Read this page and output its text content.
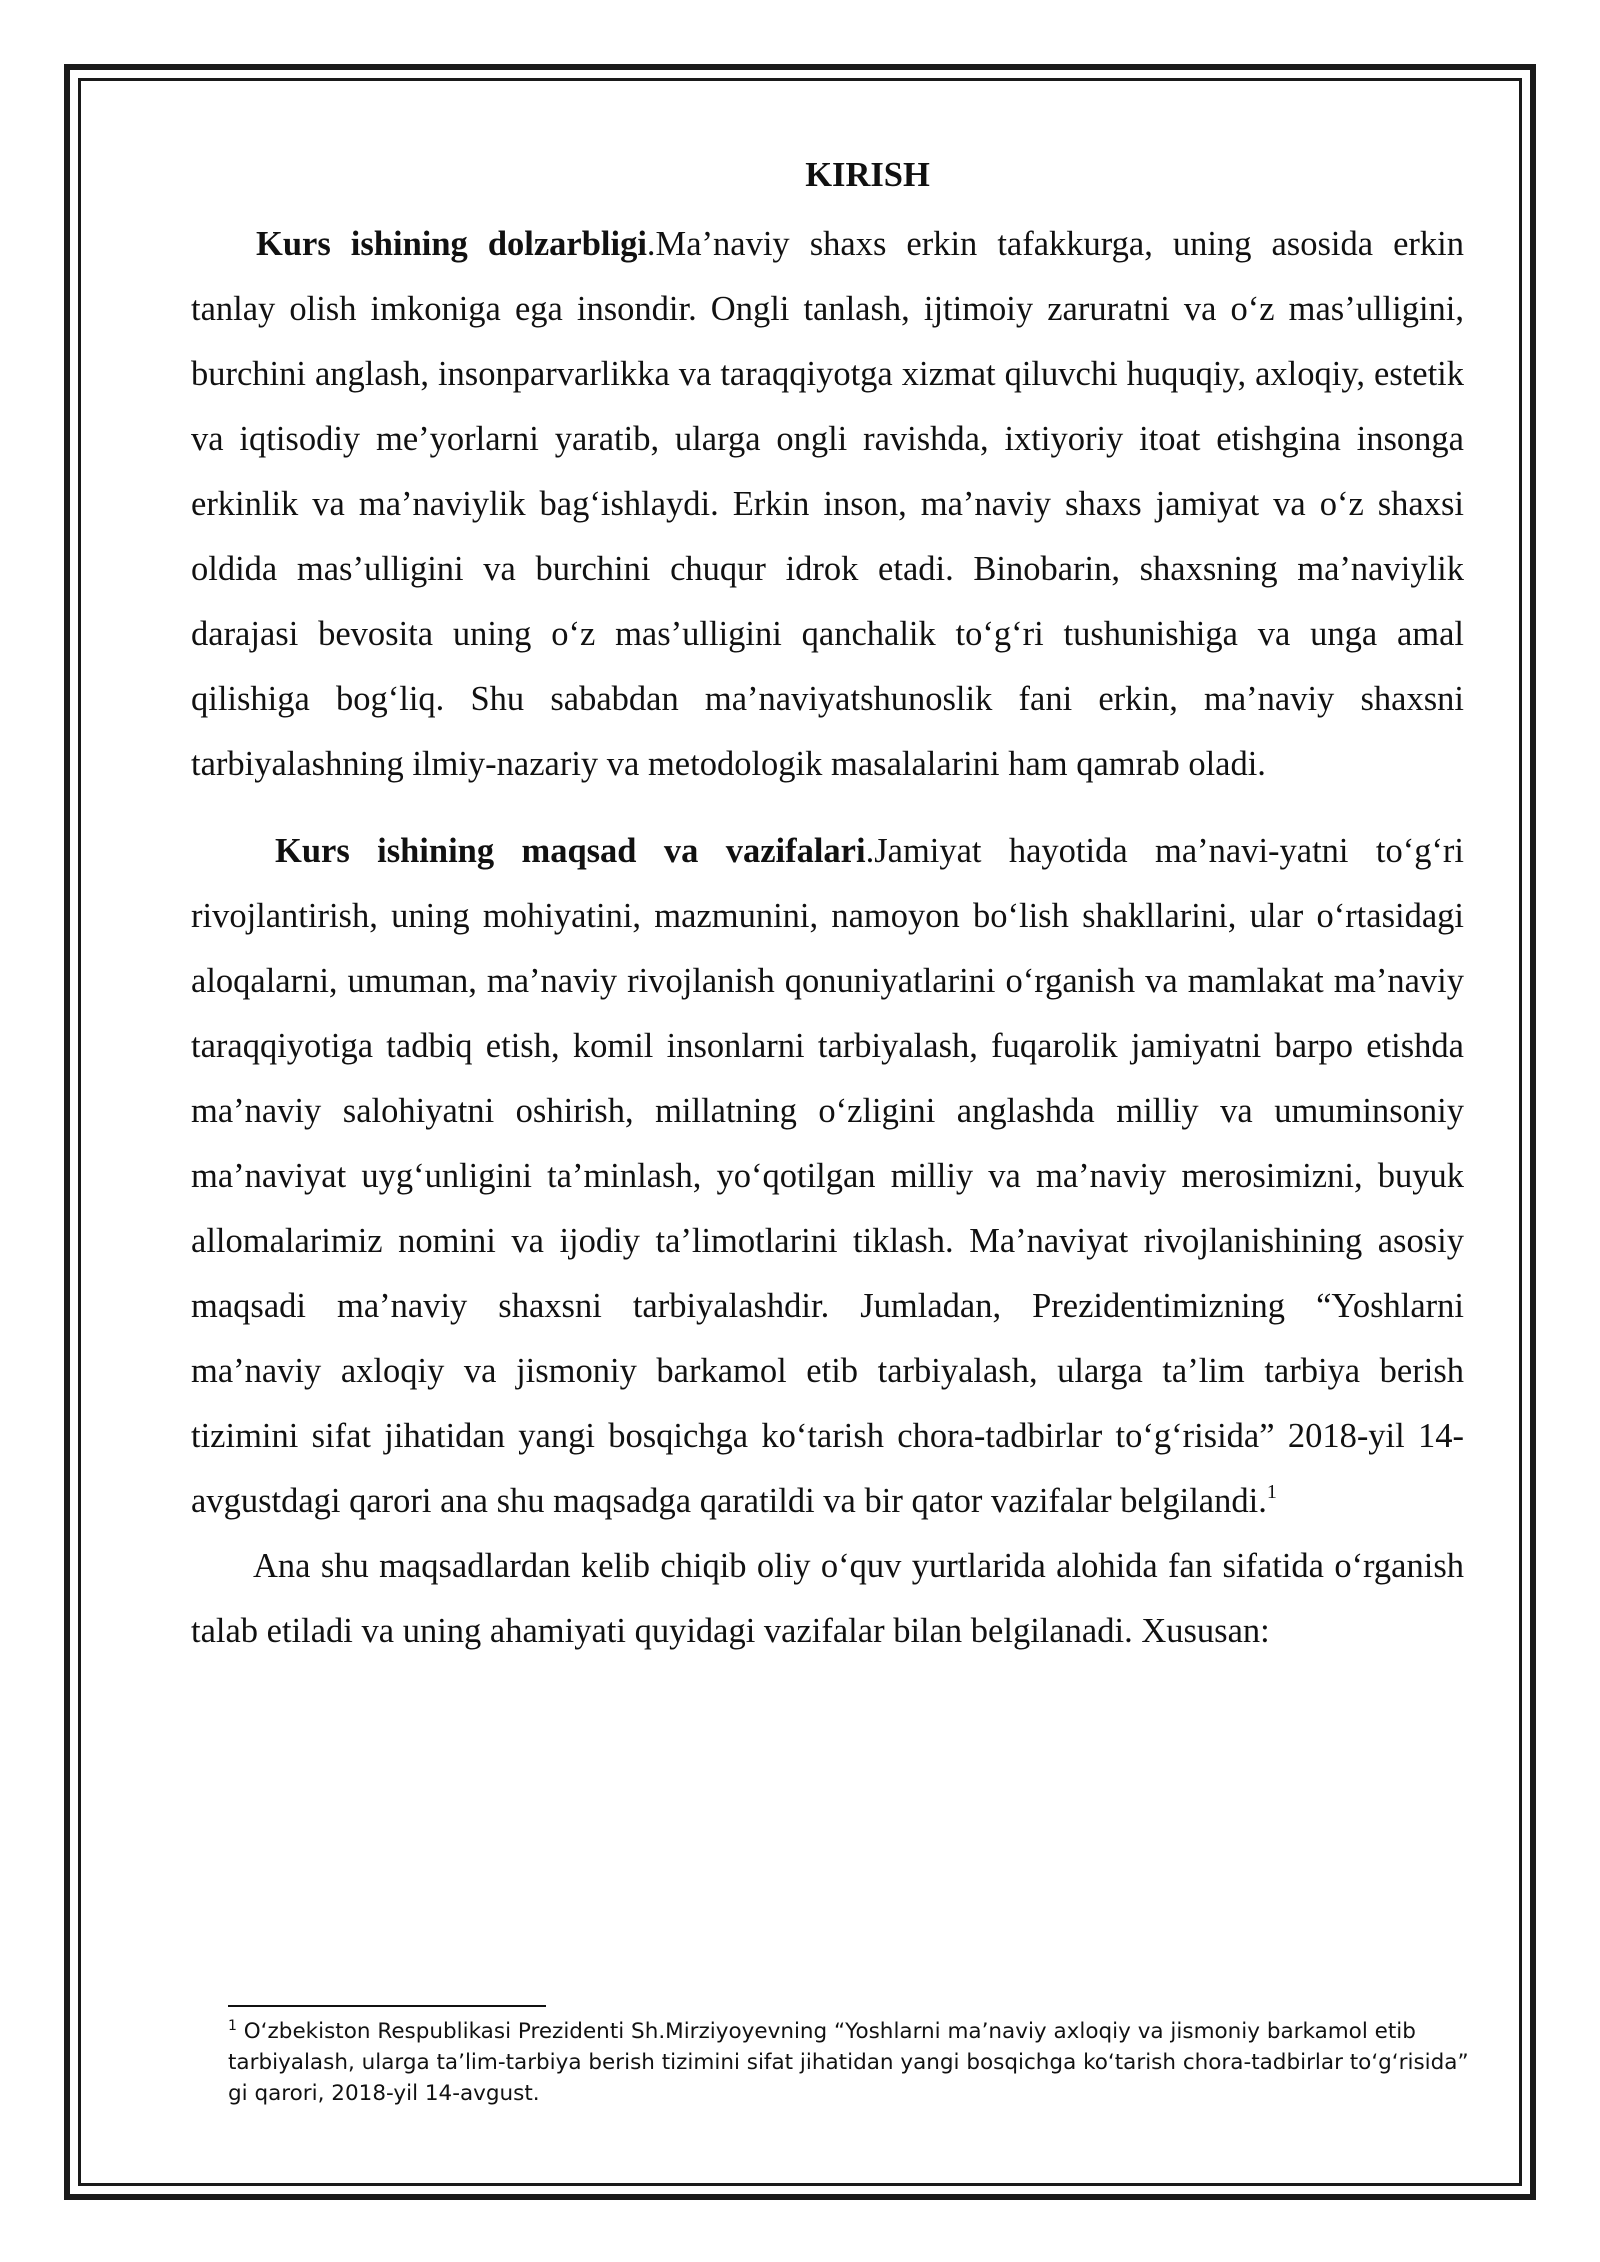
KIRISH

Kurs ishining dolzarbligi.Ma’naviy shaxs erkin tafakkurga, uning asosida erkin tanlay olish imkoniga ega insondir. Ongli tanlash, ijtimoiy zaruratni va o‘z mas’ulligini, burchini anglash, insonparvarlikka va taraqqiyotga xizmat qiluvchi huquqiy, axloqiy, estetik va iqtisodiy me’yorlarni yaratib, ularga ongli ravishda, ixtiyoriy itoat etishgina insonga erkinlik va ma’naviylik bag‘ishlaydi. Erkin inson, ma’naviy shaxs jamiyat va o‘z shaxsi oldida mas’ulligini va burchini chuqur idrok etadi. Binobarin, shaxsning ma’naviylik darajasi bevosita uning o‘z mas’ulligini qanchalik to‘g‘ri tushunishiga va unga amal qilishiga bog‘liq. Shu sababdan ma’naviyatshunoslik fani erkin, ma’naviy shaxsni tarbiyalashning ilmiy-nazariy va metodologik masalalarini ham qamrab oladi.

Kurs ishining maqsad va vazifalari.Jamiyat hayotida ma’navi-yatni to‘g‘ri rivojlantirish, uning mohiyatini, mazmunini, namoyon bo‘lish shakllarini, ular o‘rtasidagi aloqalarni, umuman, ma’naviy rivojlanish qonuniyatlarini o‘rganish va mamlakat ma’naviy taraqqiyotiga tadbiq etish, komil insonlarni tarbiyalash, fuqarolik jamiyatni barpo etishda ma’naviy salohiyatni oshirish, millatning o‘zligini anglashda milliy va umuminsoniy ma’naviyat uyg‘unligini ta’minlash, yo‘qotilgan milliy va ma’naviy merosimizni, buyuk allomalarimiz nomini va ijodiy ta’limotlarini tiklash. Ma’naviyat rivojlanishining asosiy maqsadi ma’naviy shaxsni tarbiyalashdir. Jumladan, Prezidentimizning “Yoshlarni ma’naviy axloqiy va jismoniy barkamol etib tarbiyalash, ularga ta’lim tarbiya berish tizimini sifat jihatidan yangi bosqichga ko‘tarish chora-tadbirlar to‘g‘risida” 2018-yil 14- avgustdagi qarori ana shu maqsadga qaratildi va bir qator vazifalar belgilandi.$^1$

Ana shu maqsadlardan kelib chiqib oliy o‘quv yurtlarida alohida fan sifatida o‘rganish talab etiladi va uning ahamiyati quyidagi vazifalar bilan belgilanadi. Xususan:

$^1$ O‘zbekiston Respublikasi Prezidenti Sh.Mirziyoyevning “Yoshlarni ma’naviy axloqiy va jismoniy barkamol etib tarbiyalash, ularga ta’lim-tarbiya berish tizimini sifat jihatidan yangi bosqichga ko‘tarish chora-tadbirlar to‘g‘risida” gi qarori, 2018-yil 14-avgust.
